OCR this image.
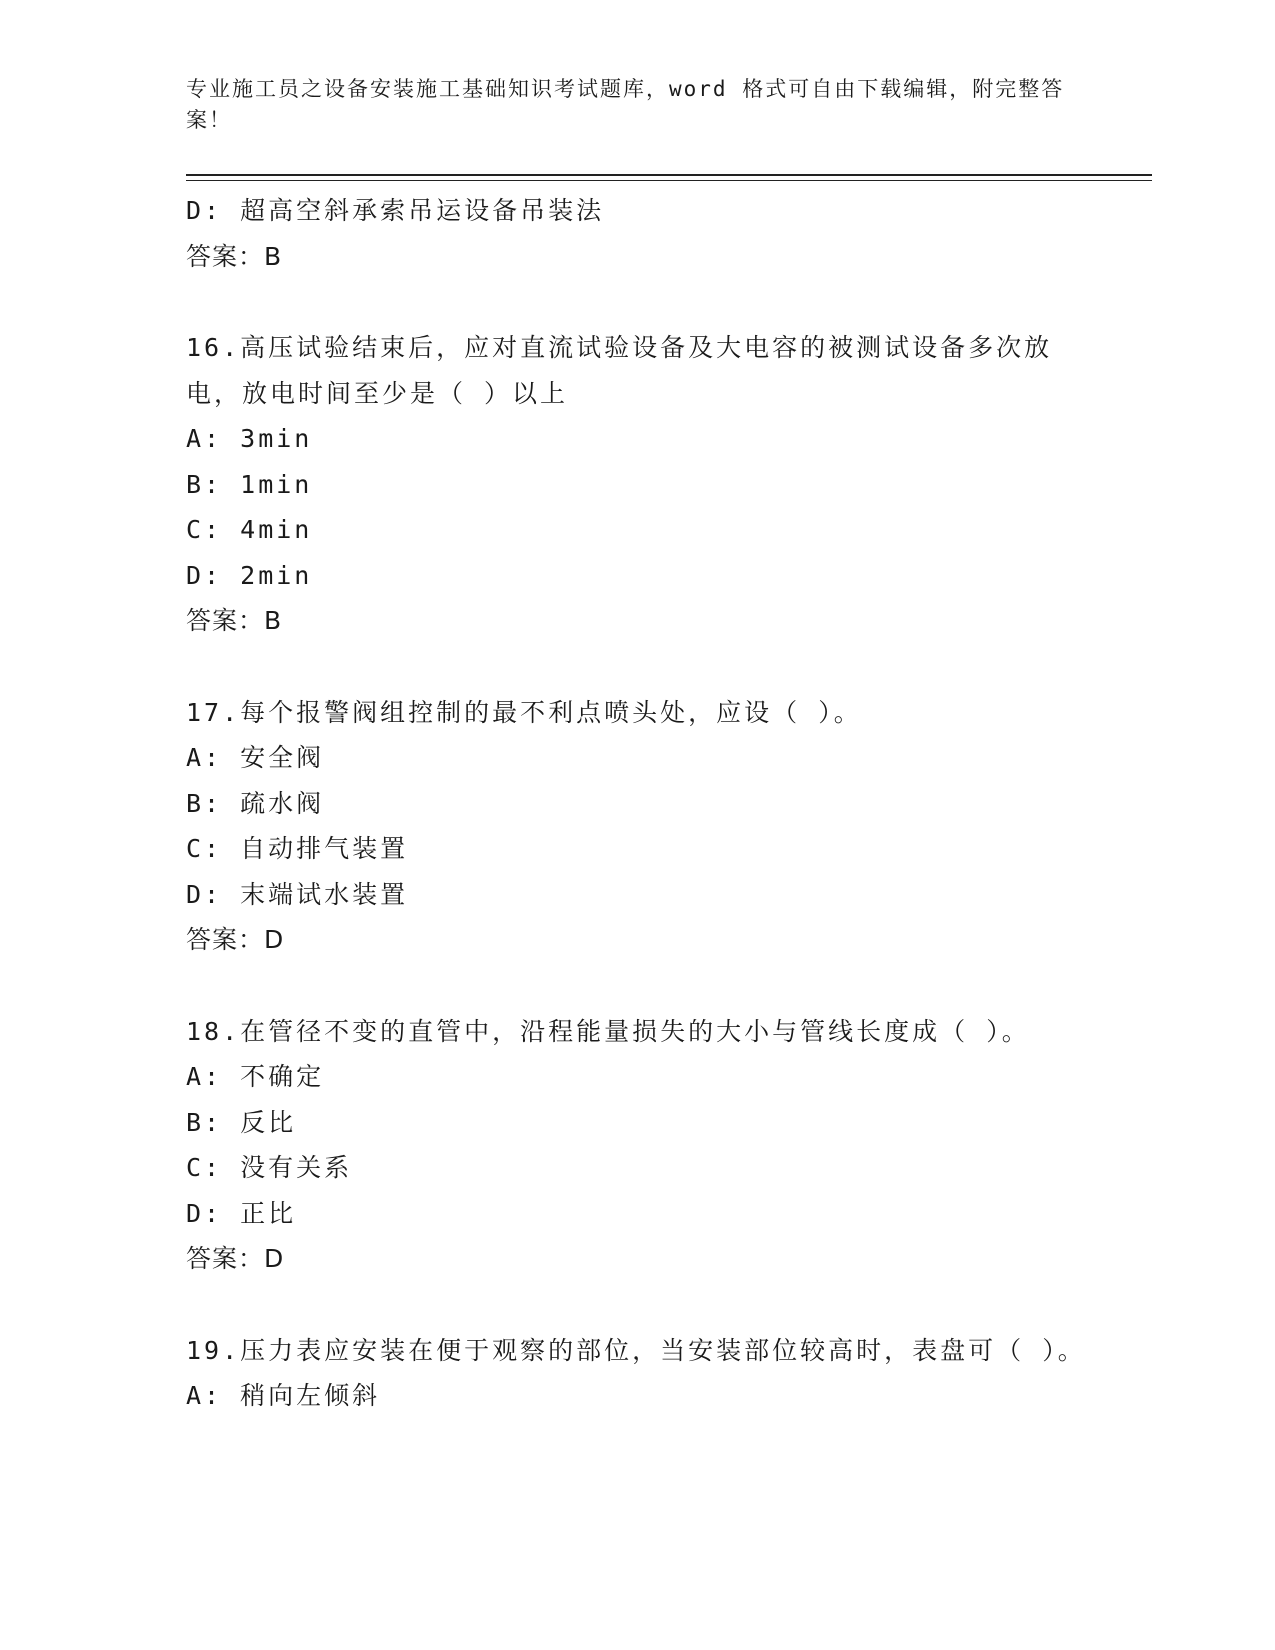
专业施工员之设备安装施工基础知识考试题库，word 格式可自由下载编辑，附完整答案！

D: 超高空斜承索吊运设备吊装法

答案：B

16.高压试验结束后，应对直流试验设备及大电容的被测试设备多次放电，放电时间至少是（ ）以上

A: 3min

B: 1min

C: 4min

D: 2min

答案：B

17.每个报警阀组控制的最不利点喷头处，应设（ ）。

A: 安全阀

B: 疏水阀

C: 自动排气装置

D: 末端试水装置

答案：D

18.在管径不变的直管中，沿程能量损失的大小与管线长度成（ ）。

A: 不确定

B: 反比

C: 没有关系

D: 正比

答案：D

19.压力表应安装在便于观察的部位，当安装部位较高时，表盘可（ ）。

A: 稍向左倾斜
